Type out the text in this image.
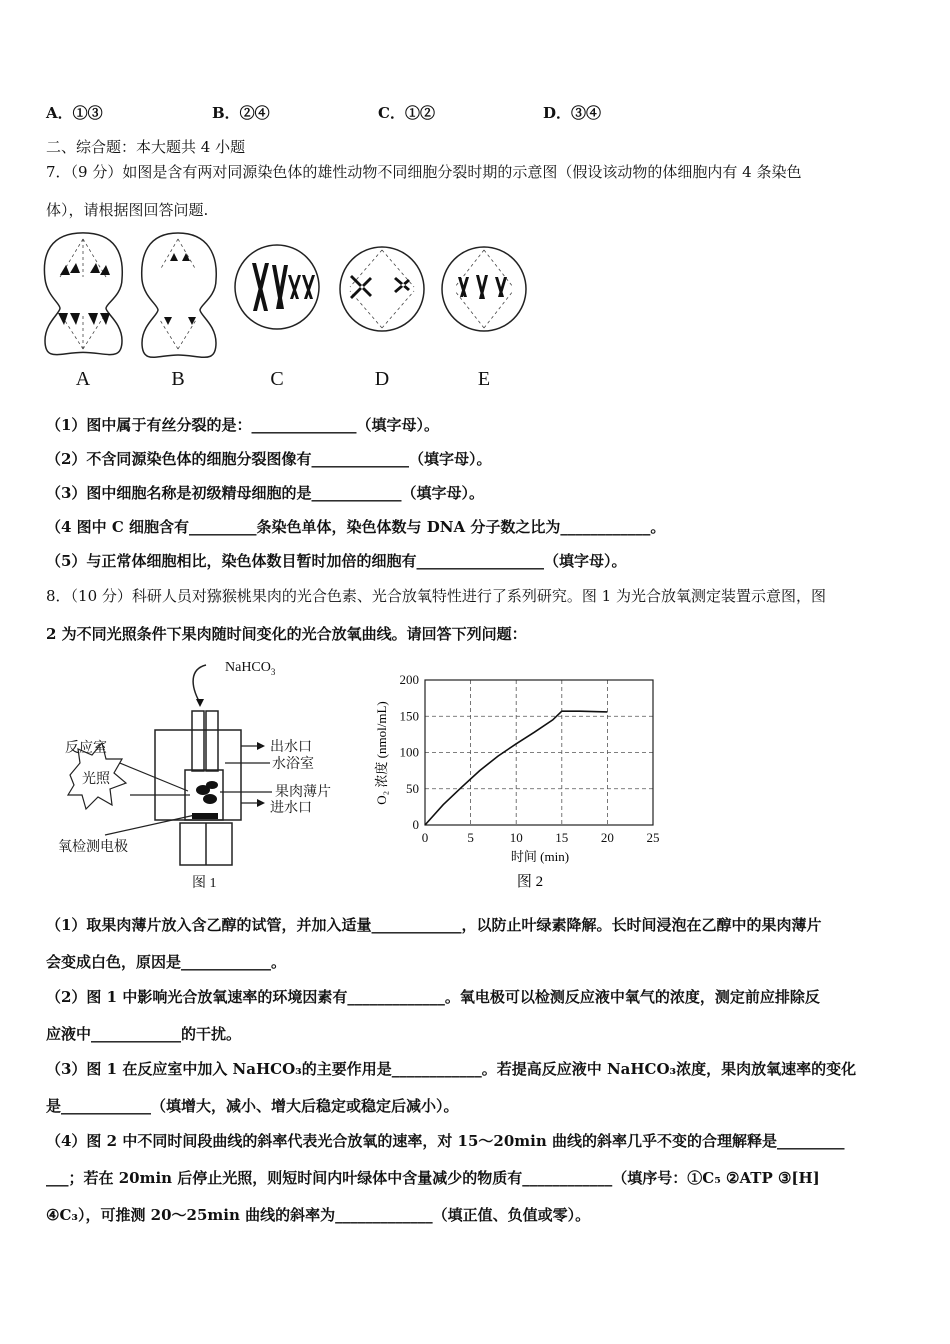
A．①③	B．②④	C．①②	D．③④
二、综合题：本大题共 4 小题
7．（9 分）如图是含有两对同源染色体的雄性动物不同细胞分裂时期的示意图（假设该动物的体细胞内有 4 条染色
体），请根据图回答问题.
A	B	C	D	E
（1）图中属于有丝分裂的是：______________（填字母）。
（2）不含同源染色体的细胞分裂图像有_____________（填字母）。
（3）图中细胞名称是初级精母细胞的是____________（填字母）。
（4 图中 C 细胞含有_________条染色单体，染色体数与 DNA 分子数之比为____________。
（5）与正常体细胞相比，染色体数目暂时加倍的细胞有_________________（填字母）。
8．（10 分）科研人员对猕猴桃果肉的光合色素、光合放氧特性进行了系列研究。图 1 为光合放氧测定装置示意图，图
2 为不同光照条件下果肉随时间变化的光合放氧曲线。请回答下列问题：
NaHCO$_3$
反应室
光照
氧检测电极
出水口
水浴室
果肉薄片
进水口
图 1
0	5	10	15	20	25
0
50
100
150
200
时间 (min)
O₂ 浓度 (nmol/mL)
图 2
（1）取果肉薄片放入含乙醇的试管，并加入适量____________，以防止叶绿素降解。长时间浸泡在乙醇中的果肉薄片
会变成白色，原因是____________。
（2）图 1 中影响光合放氧速率的环境因素有_____________。氧电极可以检测反应液中氧气的浓度，测定前应排除反
应液中____________的干扰。
（3）图 1 在反应室中加入 NaHCO₃的主要作用是____________。若提高反应液中 NaHCO₃浓度，果肉放氧速率的变化
是____________（填增大，减小、增大后稳定或稳定后减小）。
（4）图 2 中不同时间段曲线的斜率代表光合放氧的速率，对 15～20min 曲线的斜率几乎不变的合理解释是_________
___；若在 20min 后停止光照，则短时间内叶绿体中含量减少的物质有____________（填序号：①C₅ ②ATP ③[H]
④C₃），可推测 20～25min 曲线的斜率为_____________（填正值、负值或零）。
